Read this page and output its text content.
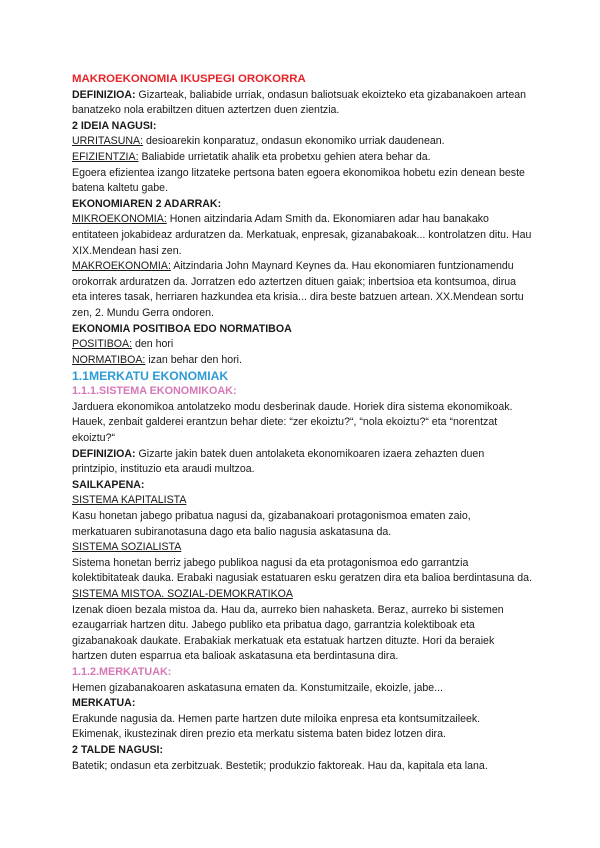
MAKROEKONOMIA IKUSPEGI OROKORRA

DEFINIZIOA: Gizarteak, baliabide urriak, ondasun baliotsuak ekoizteko eta gizabanakoen artean banatzeko nola erabiltzen dituen aztertzen duen zientzia.

2 IDEIA NAGUSI:

URRITASUNA: desioarekin konparatuz, ondasun ekonomiko urriak daudenean.

EFIZIENTZIA: Baliabide urrietatik ahalik eta probetxu gehien atera behar da.

Egoera efizientea izango litzateke pertsona baten egoera ekonomikoa hobetu ezin denean beste batena kaltetu gabe.

EKONOMIAREN 2 ADARRAK:

MIKROEKONOMIA: Honen aitzindaria Adam Smith da. Ekonomiaren adar hau banakako entitateen jokabideaz arduratzen da. Merkatuak, enpresak, gizanabakoak... kontrolatzen ditu. Hau XIX.Mendean hasi zen.

MAKROEKONOMIA: Aitzindaria John Maynard Keynes da. Hau ekonomiaren funtzionamendu orokorrak arduratzen da. Jorratzen edo aztertzen dituen gaiak; inbertsioa eta kontsumoa, dirua eta interes tasak, herriaren hazkundea eta krisia... dira beste batzuen artean. XX.Mendean sortu zen, 2. Mundu Gerra ondoren.

EKONOMIA POSITIBOA EDO NORMATIBOA

POSITIBOA: den hori

NORMATIBOA: izan behar den hori.

1.1MERKATU EKONOMIAK

1.1.1.SISTEMA EKONOMIKOAK:

Jarduera ekonomikoa antolatzeko modu desberinak daude. Horiek dira sistema ekonomikoak. Hauek, zenbait galderei erantzun behar diete: “zer ekoiztu?“, “nola ekoiztu?“ eta “norentzat ekoiztu?“

DEFINIZIOA: Gizarte jakin batek duen antolaketa ekonomikoaren izaera zehazten duen printzipio, instituzio eta araudi multzoa.

SAILKAPENA:

SISTEMA KAPITALISTA

Kasu honetan jabego pribatua nagusi da, gizabanakoari protagonismoa ematen zaio, merkatuaren subiranotasuna dago eta balio nagusia askatasuna da.

SISTEMA SOZIALISTA

Sistema honetan berriz jabego publikoa nagusi da eta protagonismoa edo garrantzia kolektibitateak dauka. Erabaki nagusiak estatuaren esku geratzen dira eta balioa berdintasuna da.

SISTEMA MISTOA. SOZIAL-DEMOKRATIKOA

Izenak dioen bezala mistoa da. Hau da, aurreko bien nahasketa. Beraz, aurreko bi sistemen ezaugarriak hartzen ditu. Jabego publiko eta pribatua dago, garrantzia kolektiboak eta gizabanakoak daukate. Erabakiak merkatuak eta estatuak hartzen dituzte. Hori da beraiek hartzen duten esparrua eta balioak askatasuna eta berdintasuna dira.

1.1.2.MERKATUAK:

Hemen gizabanakoaren askatasuna ematen da. Konstumitzaile, ekoizle, jabe...

MERKATUA:

Erakunde nagusia da. Hemen parte hartzen dute miloika enpresa eta kontsumitzaileek. Ekimenak, ikustezinak diren prezio eta merkatu sistema baten bidez lotzen dira.

2 TALDE NAGUSI:

Batetik; ondasun eta zerbitzuak. Bestetik; produkzio faktoreak. Hau da, kapitala eta lana.
